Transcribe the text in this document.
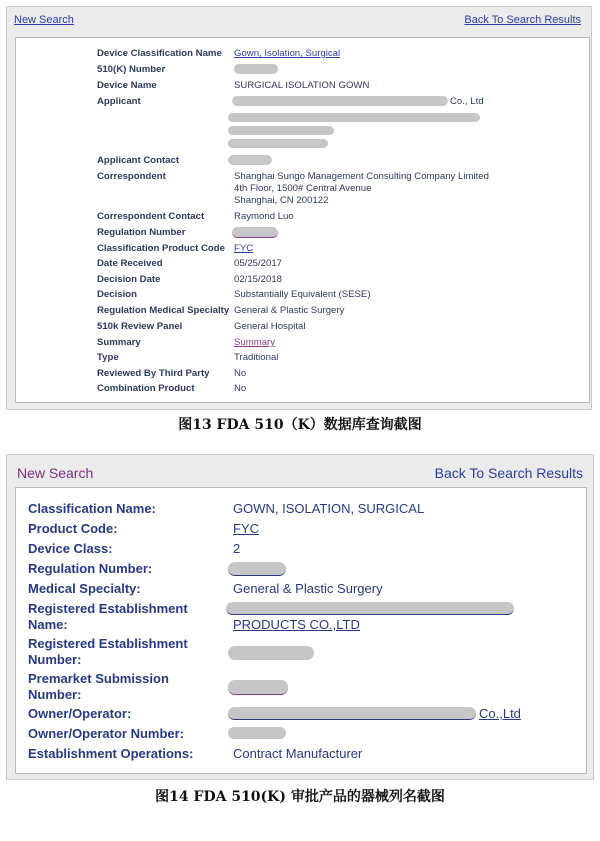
New Search	Back To Search Results
Device Classification Name Gown, Isolation, Surgical
510(K) Number
Device Name	SURGICAL ISOLATION GOWN
Applicant	Co., Ltd
Applicant Contact
Correspondent	Shanghai Sungo Management Consulting Company Limited
4th Floor, 1500# Central Avenue
Shanghai, CN 200122
Correspondent Contact	Raymond Luo
Regulation Number
Classification Product Code FYC
Date Received	05/25/2017
Decision Date	02/15/2018
Decision	Substantially Equivalent (SESE)
Regulation Medical Specialty General & Plastic Surgery
510k Review Panel	General Hospital
Summary	Summary
Type	Traditional
Reviewed By Third Party	No
Combination Product	No
图13 FDA 510（K）数据库查询截图
New Search	Back To Search Results
Classification Name:	GOWN, ISOLATION, SURGICAL
Product Code:	FYC
Device Class:	2
Regulation Number:
Medical Specialty:	General & Plastic Surgery
Registered Establishment
Name:	PRODUCTS CO.,LTD
Registered Establishment
Number:
Premarket Submission
Number:
Owner/Operator:	Co.,Ltd
Owner/Operator Number:
Establishment Operations:	Contract Manufacturer
图14 FDA 510(K) 审批产品的器械列名截图
